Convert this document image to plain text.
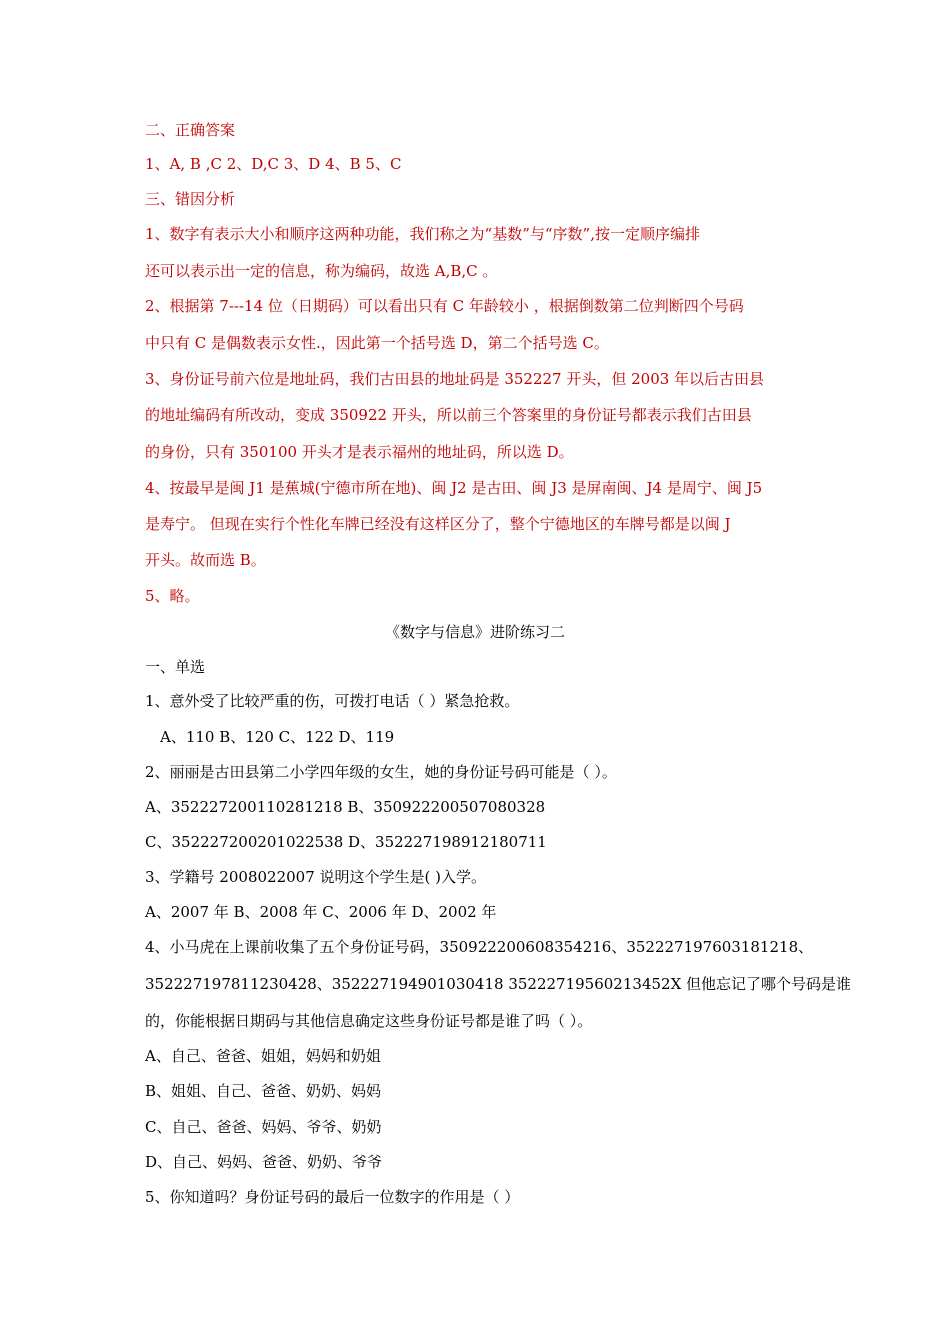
二、正确答案
1、A, B ,C 2、D,C 3、D 4、B 5、C
三、错因分析
1、数字有表示大小和顺序这两种功能，我们称之为“基数”与“序数”,按一定顺序编排
还可以表示出一定的信息，称为编码，故选 A,B,C 。
2、根据第 7---14 位（日期码）可以看出只有 C 年龄较小 ，根据倒数第二位判断四个号码
中只有 C 是偶数表示女性.，因此第一个括号选 D，第二个括号选 C。
3、身份证号前六位是地址码，我们古田县的地址码是 352227 开头，但 2003 年以后古田县
的地址编码有所改动，变成 350922 开头，所以前三个答案里的身份证号都表示我们古田县
的身份，只有 350100 开头才是表示福州的地址码，所以选 D。
4、按最早是闽 J1 是蕉城(宁德市所在地)、闽 J2 是古田、闽 J3 是屏南闽、J4 是周宁、闽 J5
是寿宁。 但现在实行个性化车牌已经没有这样区分了，整个宁德地区的车牌号都是以闽 J
开头。故而选 B。
5、略。
《数字与信息》进阶练习二
一、单选
1、意外受了比较严重的伤，可拨打电话（ ）紧急抢救。
A、110 B、120 C、122 D、119
2、丽丽是古田县第二小学四年级的女生，她的身份证号码可能是（ ）。
A、352227200110281218 B、350922200507080328
C、352227200201022538 D、352227198912180711
3、学籍号 2008022007 说明这个学生是( )入学。
A、2007 年 B、2008 年 C、2006 年 D、2002 年
4、小马虎在上课前收集了五个身份证号码，350922200608354216、352227197603181218、
352227197811230428、352227194901030418 35222719560213452X 但他忘记了哪个号码是谁
的，你能根据日期码与其他信息确定这些身份证号都是谁了吗（ ）。
A、自己、爸爸、姐姐，妈妈和奶姐
B、姐姐、自己、爸爸、奶奶、妈妈
C、自己、爸爸、妈妈、爷爷、奶奶
D、自己、妈妈、爸爸、奶奶、爷爷
5、你知道吗？身份证号码的最后一位数字的作用是（ ）
